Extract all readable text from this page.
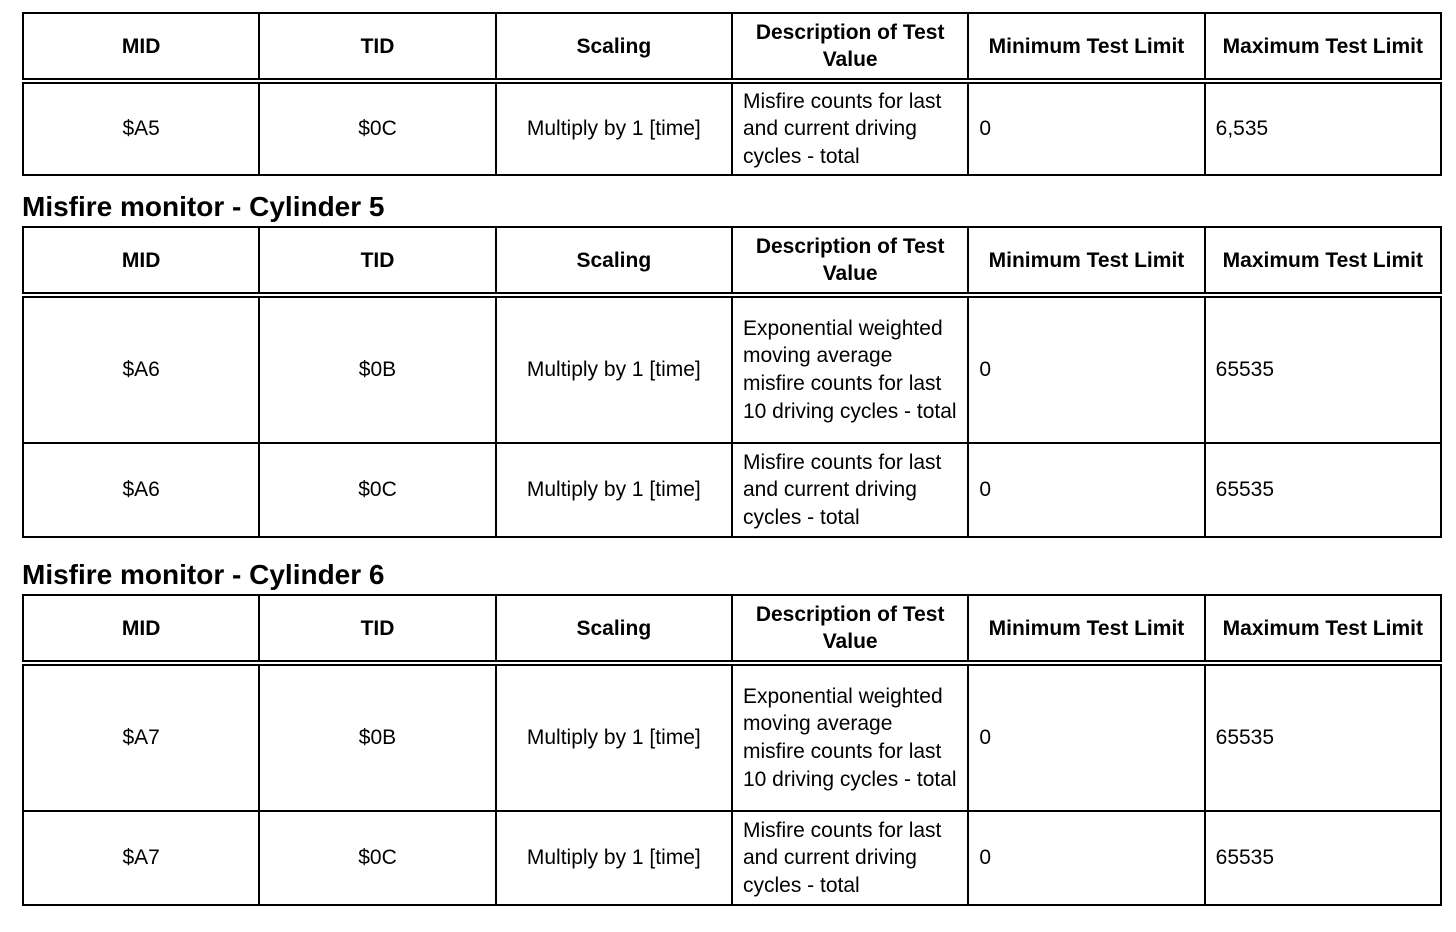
MID	TID	Scaling	Description of Test Value	Minimum Test Limit	Maximum Test Limit
$A5	$0C	Multiply by 1 [time]	Misfire counts for last and current driving cycles - total	0	6,535
Misfire monitor - Cylinder 5
MID	TID	Scaling	Description of Test Value	Minimum Test Limit	Maximum Test Limit
$A6	$0B	Multiply by 1 [time]	Exponential weighted moving average misfire counts for last 10 driving cycles - total	0	65535
$A6	$0C	Multiply by 1 [time]	Misfire counts for last and current driving cycles - total	0	65535
Misfire monitor - Cylinder 6
MID	TID	Scaling	Description of Test Value	Minimum Test Limit	Maximum Test Limit
$A7	$0B	Multiply by 1 [time]	Exponential weighted moving average misfire counts for last 10 driving cycles - total	0	65535
$A7	$0C	Multiply by 1 [time]	Misfire counts for last and current driving cycles - total	0	65535
